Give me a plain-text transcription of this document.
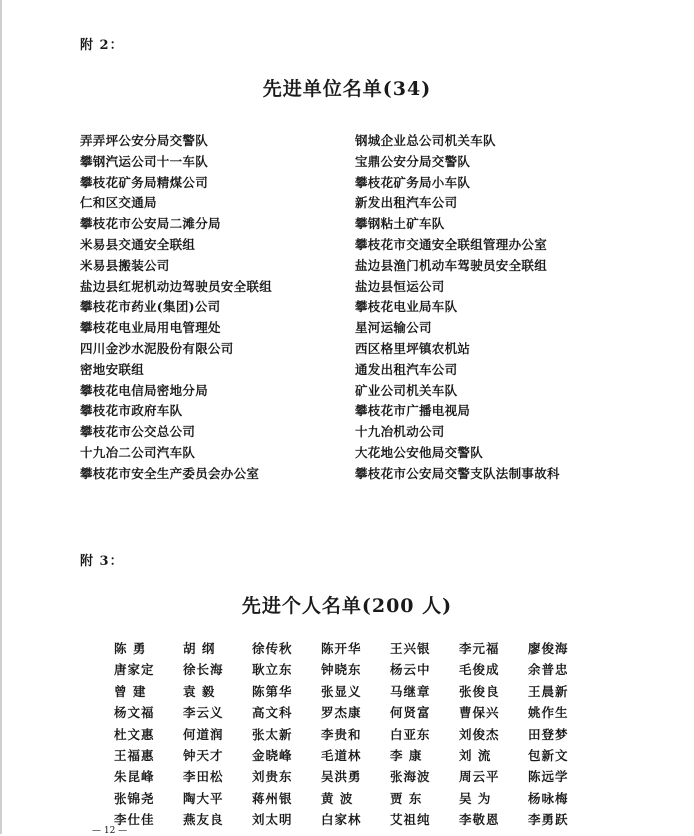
附 2：
先进单位名单(34)
弄弄坪公安分局交警队
攀钢汽运公司十一车队
攀枝花矿务局精煤公司
仁和区交通局
攀枝花市公安局二滩分局
米易县交通安全联组
米易县搬装公司
盐边县红坭机动边驾驶员安全联组
攀枝花市药业(集团)公司
攀枝花电业局用电管理处
四川金沙水泥股份有限公司
密地安联组
攀枝花电信局密地分局
攀枝花市政府车队
攀枝花市公交总公司
十九冶二公司汽车队
攀枝花市安全生产委员会办公室
钢城企业总公司机关车队
宝鼎公安分局交警队
攀枝花矿务局小车队
新发出租汽车公司
攀钢粘土矿车队
攀枝花市交通安全联组管理办公室
盐边县渔门机动车驾驶员安全联组
盐边县恒运公司
攀枝花电业局车队
星河运输公司
西区格里坪镇农机站
通发出租汽车公司
矿业公司机关车队
攀枝花市广播电视局
十九冶机动公司
大花地公安他局交警队
攀枝花市公安局交警支队法制事故科
附 3：
先进个人名单(200 人)
陈 勇	胡 纲	徐传秋	陈开华	王兴银	李元福	廖俊海
唐家定	徐长海	耿立东	钟晓东	杨云中	毛俊成	余普忠
曾 建	袁 毅	陈第华	张显义	马继章	张俊良	王晨新
杨文福	李云义	高文科	罗杰康	何贤富	曹保兴	姚作生
杜文惠	何道润	张太新	李贵和	白亚东	刘俊杰	田登梦
王福惠	钟天才	金晓峰	毛道林	李 康	刘 流	包新文
朱昆峰	李田松	刘贵东	吴洪勇	张海波	周云平	陈远学
张锦尧	陶大平	蒋州银	黄 波	贾 东	吴 为	杨咏梅
李仕佳	燕友良	刘太明	白家林	艾祖纯	李敬恩	李勇跃
— 12 —
